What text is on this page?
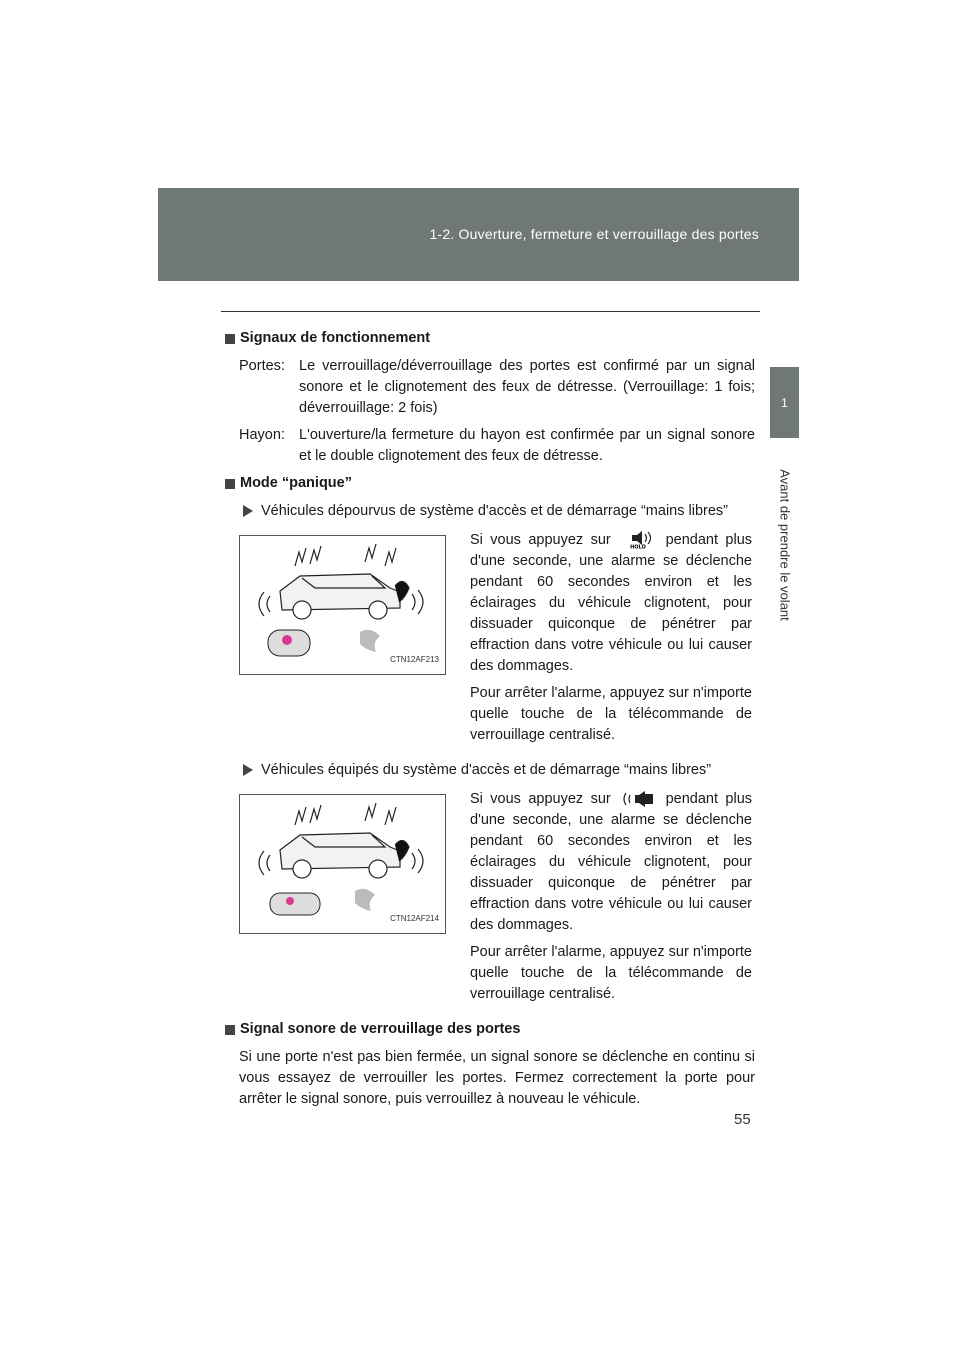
1-2. Ouverture, fermeture et verrouillage des portes
1
Avant de prendre le volant
Signaux de fonctionnement
Portes: Le verrouillage/déverrouillage des portes est confirmé par un signal sonore et le clignotement des feux de détresse. (Verrouillage: 1 fois; déverrouillage: 2 fois)
Hayon: L'ouverture/la fermeture du hayon est confirmée par un signal sonore et le double clignotement des feux de détresse.
Mode “panique”
Véhicules dépourvus de système d'accès et de démarrage “mains libres”
CTN12AF213

Si vous appuyez sur	HOLD pendant plus d'une seconde, une alarme se déclenche pendant 60 secondes environ et les éclairages du véhicule clignotent, pour dissuader quiconque de pénétrer par effraction dans votre véhicule ou lui causer des dommages.

Pour arrêter l'alarme, appuyez sur n'importe quelle touche de la télécommande de verrouillage centralisé.

Véhicules équipés du système d'accès et de démarrage “mains libres”
CTN12AF214

Si vous appuyez sur	pendant plus d'une seconde, une alarme se déclenche pendant 60 secondes environ et les éclairages du véhicule clignotent, pour dissuader quiconque de pénétrer par effraction dans votre véhicule ou lui causer des dommages.

Pour arrêter l'alarme, appuyez sur n'importe quelle touche de la télécommande de verrouillage centralisé.

Signal sonore de verrouillage des portes
Si une porte n'est pas bien fermée, un signal sonore se déclenche en continu si vous essayez de verrouiller les portes. Fermez correctement la porte pour arrêter le signal sonore, puis verrouillez à nouveau le véhicule.
55
